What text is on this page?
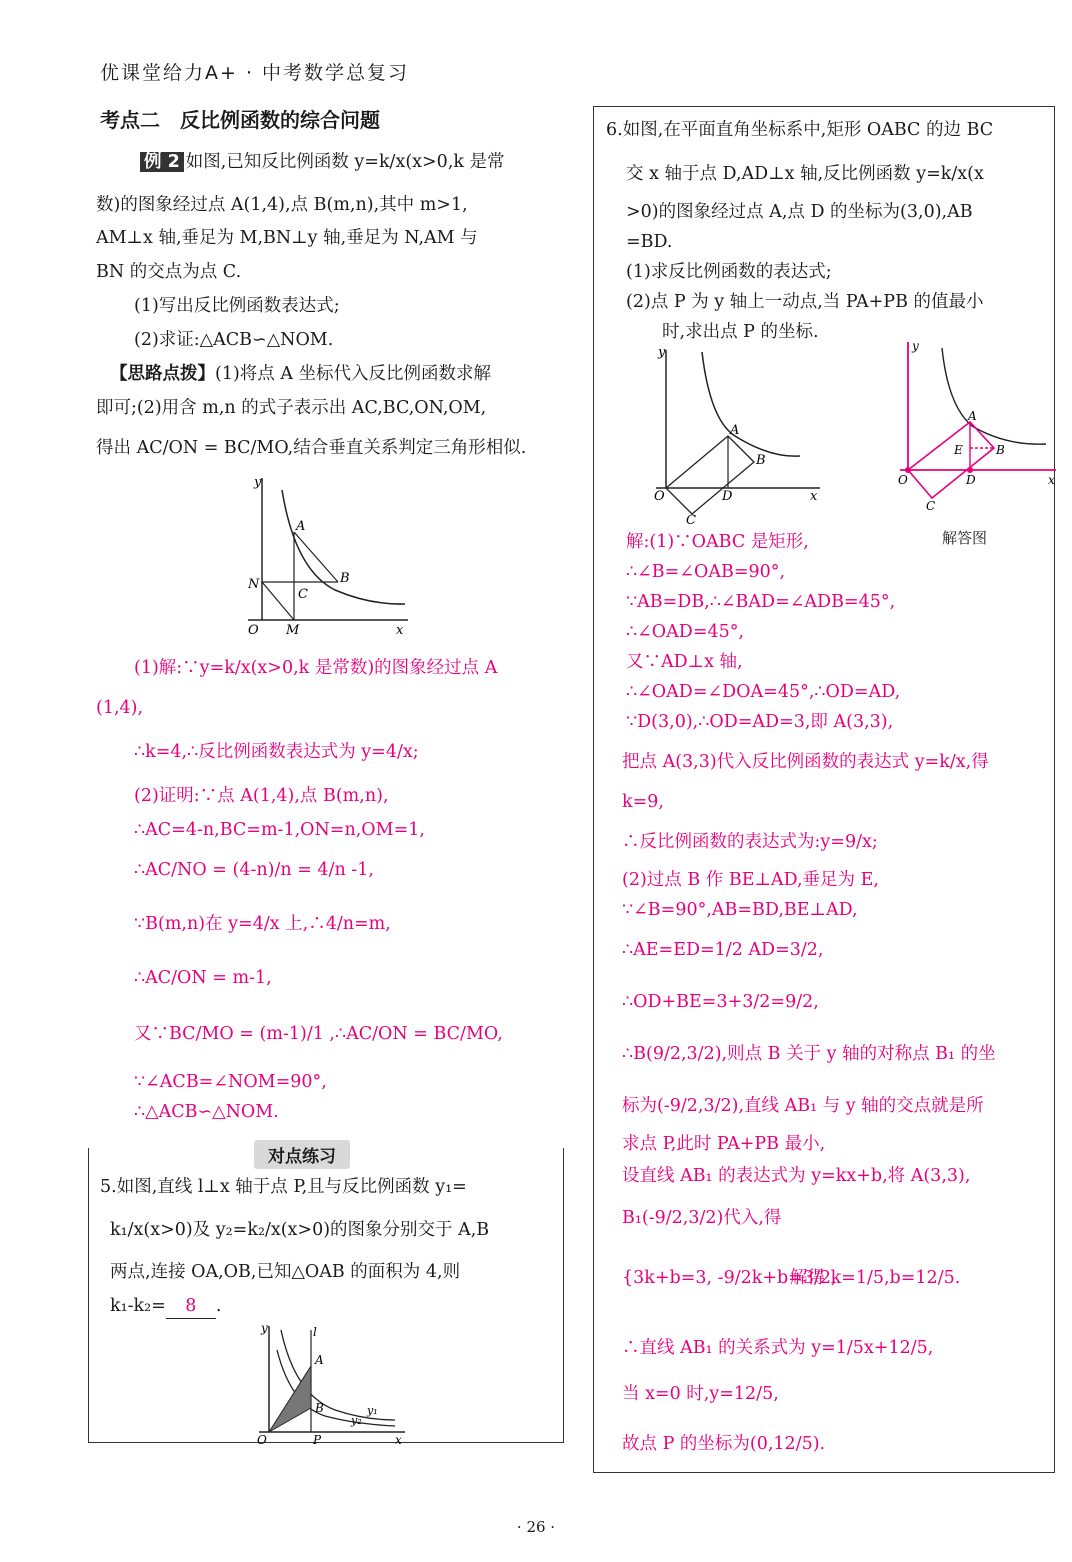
优课堂给力A+ · 中考数学总复习
考点二　反比例函数的综合问题
例 2 如图,已知反比例函数 y=k/x(x>0,k 是常
数)的图象经过点 A(1,4),点 B(m,n),其中 m>1,
AM⊥x 轴,垂足为 M,BN⊥y 轴,垂足为 N,AM 与
BN 的交点为点 C.
(1)写出反比例函数表达式;
(2)求证:△ACB∽△NOM.
【思路点拨】(1)将点 A 坐标代入反比例函数求解
即可;(2)用含 m,n 的式子表示出 AC,BC,ON,OM,
得出 AC/ON = BC/MO,结合垂直关系判定三角形相似.
y
x
O
A
B
C
N
M
(1)解:∵y=k/x(x>0,k 是常数)的图象经过点 A
(1,4),
∴k=4,∴反比例函数表达式为 y=4/x;
(2)证明:∵点 A(1,4),点 B(m,n),
∴AC=4-n,BC=m-1,ON=n,OM=1,
∴AC/NO = (4-n)/n = 4/n -1,
∵B(m,n)在 y=4/x 上,∴4/n=m,
∴AC/ON = m-1,
又∵BC/MO = (m-1)/1 ,∴AC/ON = BC/MO,
∵∠ACB=∠NOM=90°,
∴△ACB∽△NOM.
对点练习
5.如图,直线 l⊥x 轴于点 P,且与反比例函数 y₁=
k₁/x(x>0)及 y₂=k₂/x(x>0)的图象分别交于 A,B
两点,连接 OA,OB,已知△OAB 的面积为 4,则
k₁-k₂= 8 .
y
x
O
A
B
P
l
y₁
y₂
6.如图,在平面直角坐标系中,矩形 OABC 的边 BC
交 x 轴于点 D,AD⊥x 轴,反比例函数 y=k/x(x
>0)的图象经过点 A,点 D 的坐标为(3,0),AB
=BD.
(1)求反比例函数的表达式;
(2)点 P 为 y 轴上一动点,当 PA+PB 的值最小
时,求出点 P 的坐标.
y
x
O
A
B
C
D
A
B
E
O	D
C
y
x
解答图
解:(1)∵OABC 是矩形,
∴∠B=∠OAB=90°,
∵AB=DB,∴∠BAD=∠ADB=45°,
∴∠OAD=45°,
又∵AD⊥x 轴,
∴∠OAD=∠DOA=45°,∴OD=AD,
∵D(3,0),∴OD=AD=3,即 A(3,3),
把点 A(3,3)代入反比例函数的表达式 y=k/x,得
k=9,
∴反比例函数的表达式为:y=9/x;
(2)过点 B 作 BE⊥AD,垂足为 E,
∵∠B=90°,AB=BD,BE⊥AD,
∴AE=ED=1/2 AD=3/2,
∴OD+BE=3+3/2=9/2,
∴B(9/2,3/2),则点 B 关于 y 轴的对称点 B₁ 的坐
标为(-9/2,3/2),直线 AB₁ 与 y 轴的交点就是所
求点 P,此时 PA+PB 最小,
设直线 AB₁ 的表达式为 y=kx+b,将 A(3,3),
B₁(-9/2,3/2)代入,得
{3k+b=3, -9/2k+b=3/2,
解得 k=1/5,b=12/5.
∴直线 AB₁ 的关系式为 y=1/5x+12/5,
当 x=0 时,y=12/5,
故点 P 的坐标为(0,12/5).
· 26 ·
